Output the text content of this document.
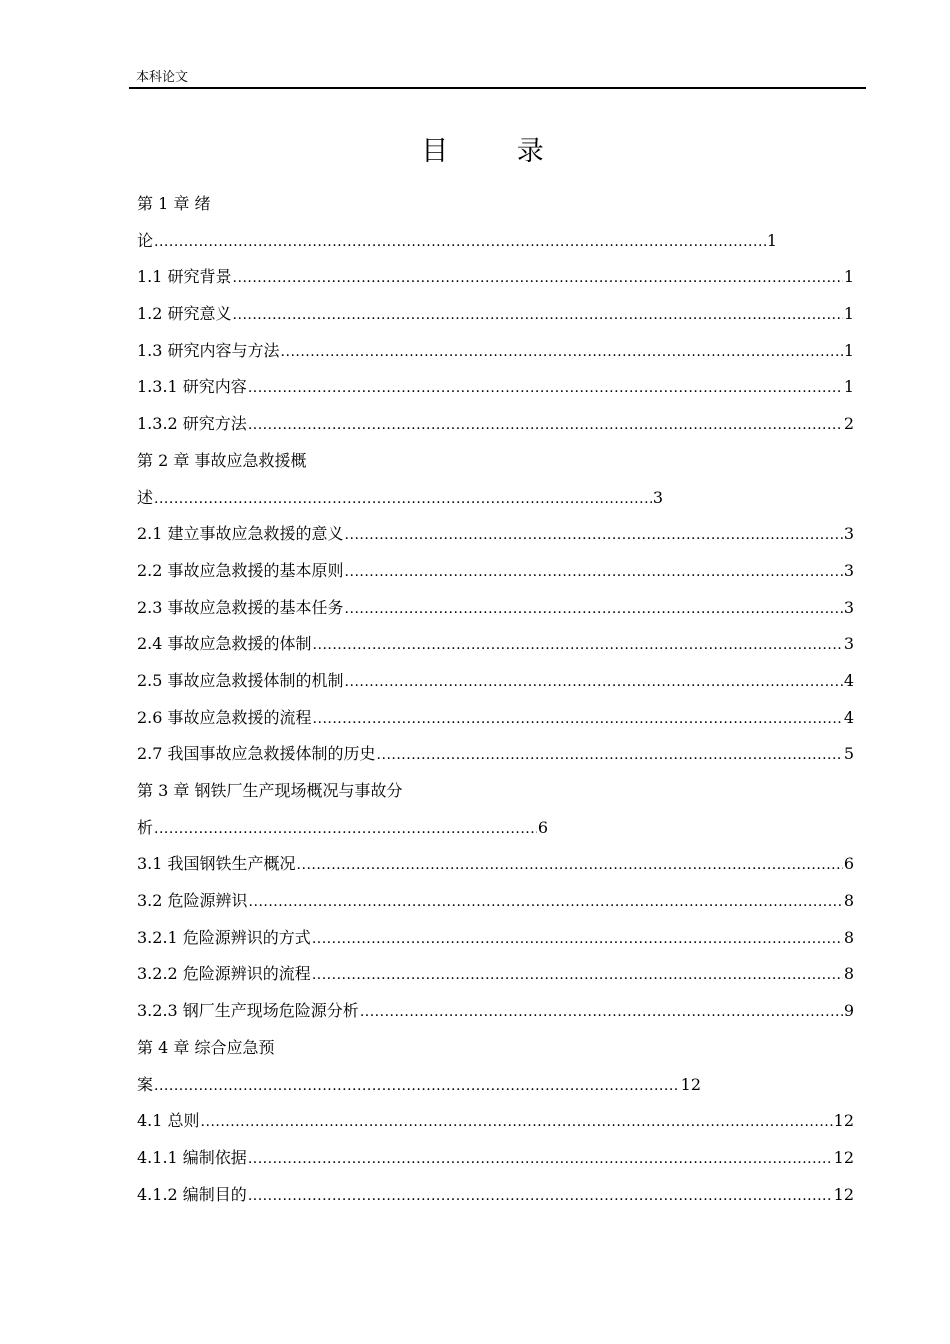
本科论文
目 录
第 1 章 绪
论 .....	1
1.1 研究背景 .....	1
1.2 研究意义 .....	1
1.3 研究内容与方法 .....	1
1.3.1 研究内容 .....	1
1.3.2 研究方法 .....	2
第 2 章 事故应急救援概
述 .....	3
2.1 建立事故应急救援的意义 .....	3
2.2 事故应急救援的基本原则 .....	3
2.3 事故应急救援的基本任务 .....	3
2.4 事故应急救援的体制 .....	3
2.5 事故应急救援体制的机制 .....	4
2.6 事故应急救援的流程 .....	4
2.7 我国事故应急救援体制的历史 .....	5
第 3 章 钢铁厂生产现场概况与事故分
析 .....	6
3.1 我国钢铁生产概况 .....	6
3.2 危险源辨识 .....	8
3.2.1 危险源辨识的方式 .....	8
3.2.2 危险源辨识的流程 .....	8
3.2.3 钢厂生产现场危险源分析 .....	9
第 4 章 综合应急预
案 .....	12
4.1 总则 .....	12
4.1.1 编制依据 .....	12
4.1.2 编制目的 .....	12
